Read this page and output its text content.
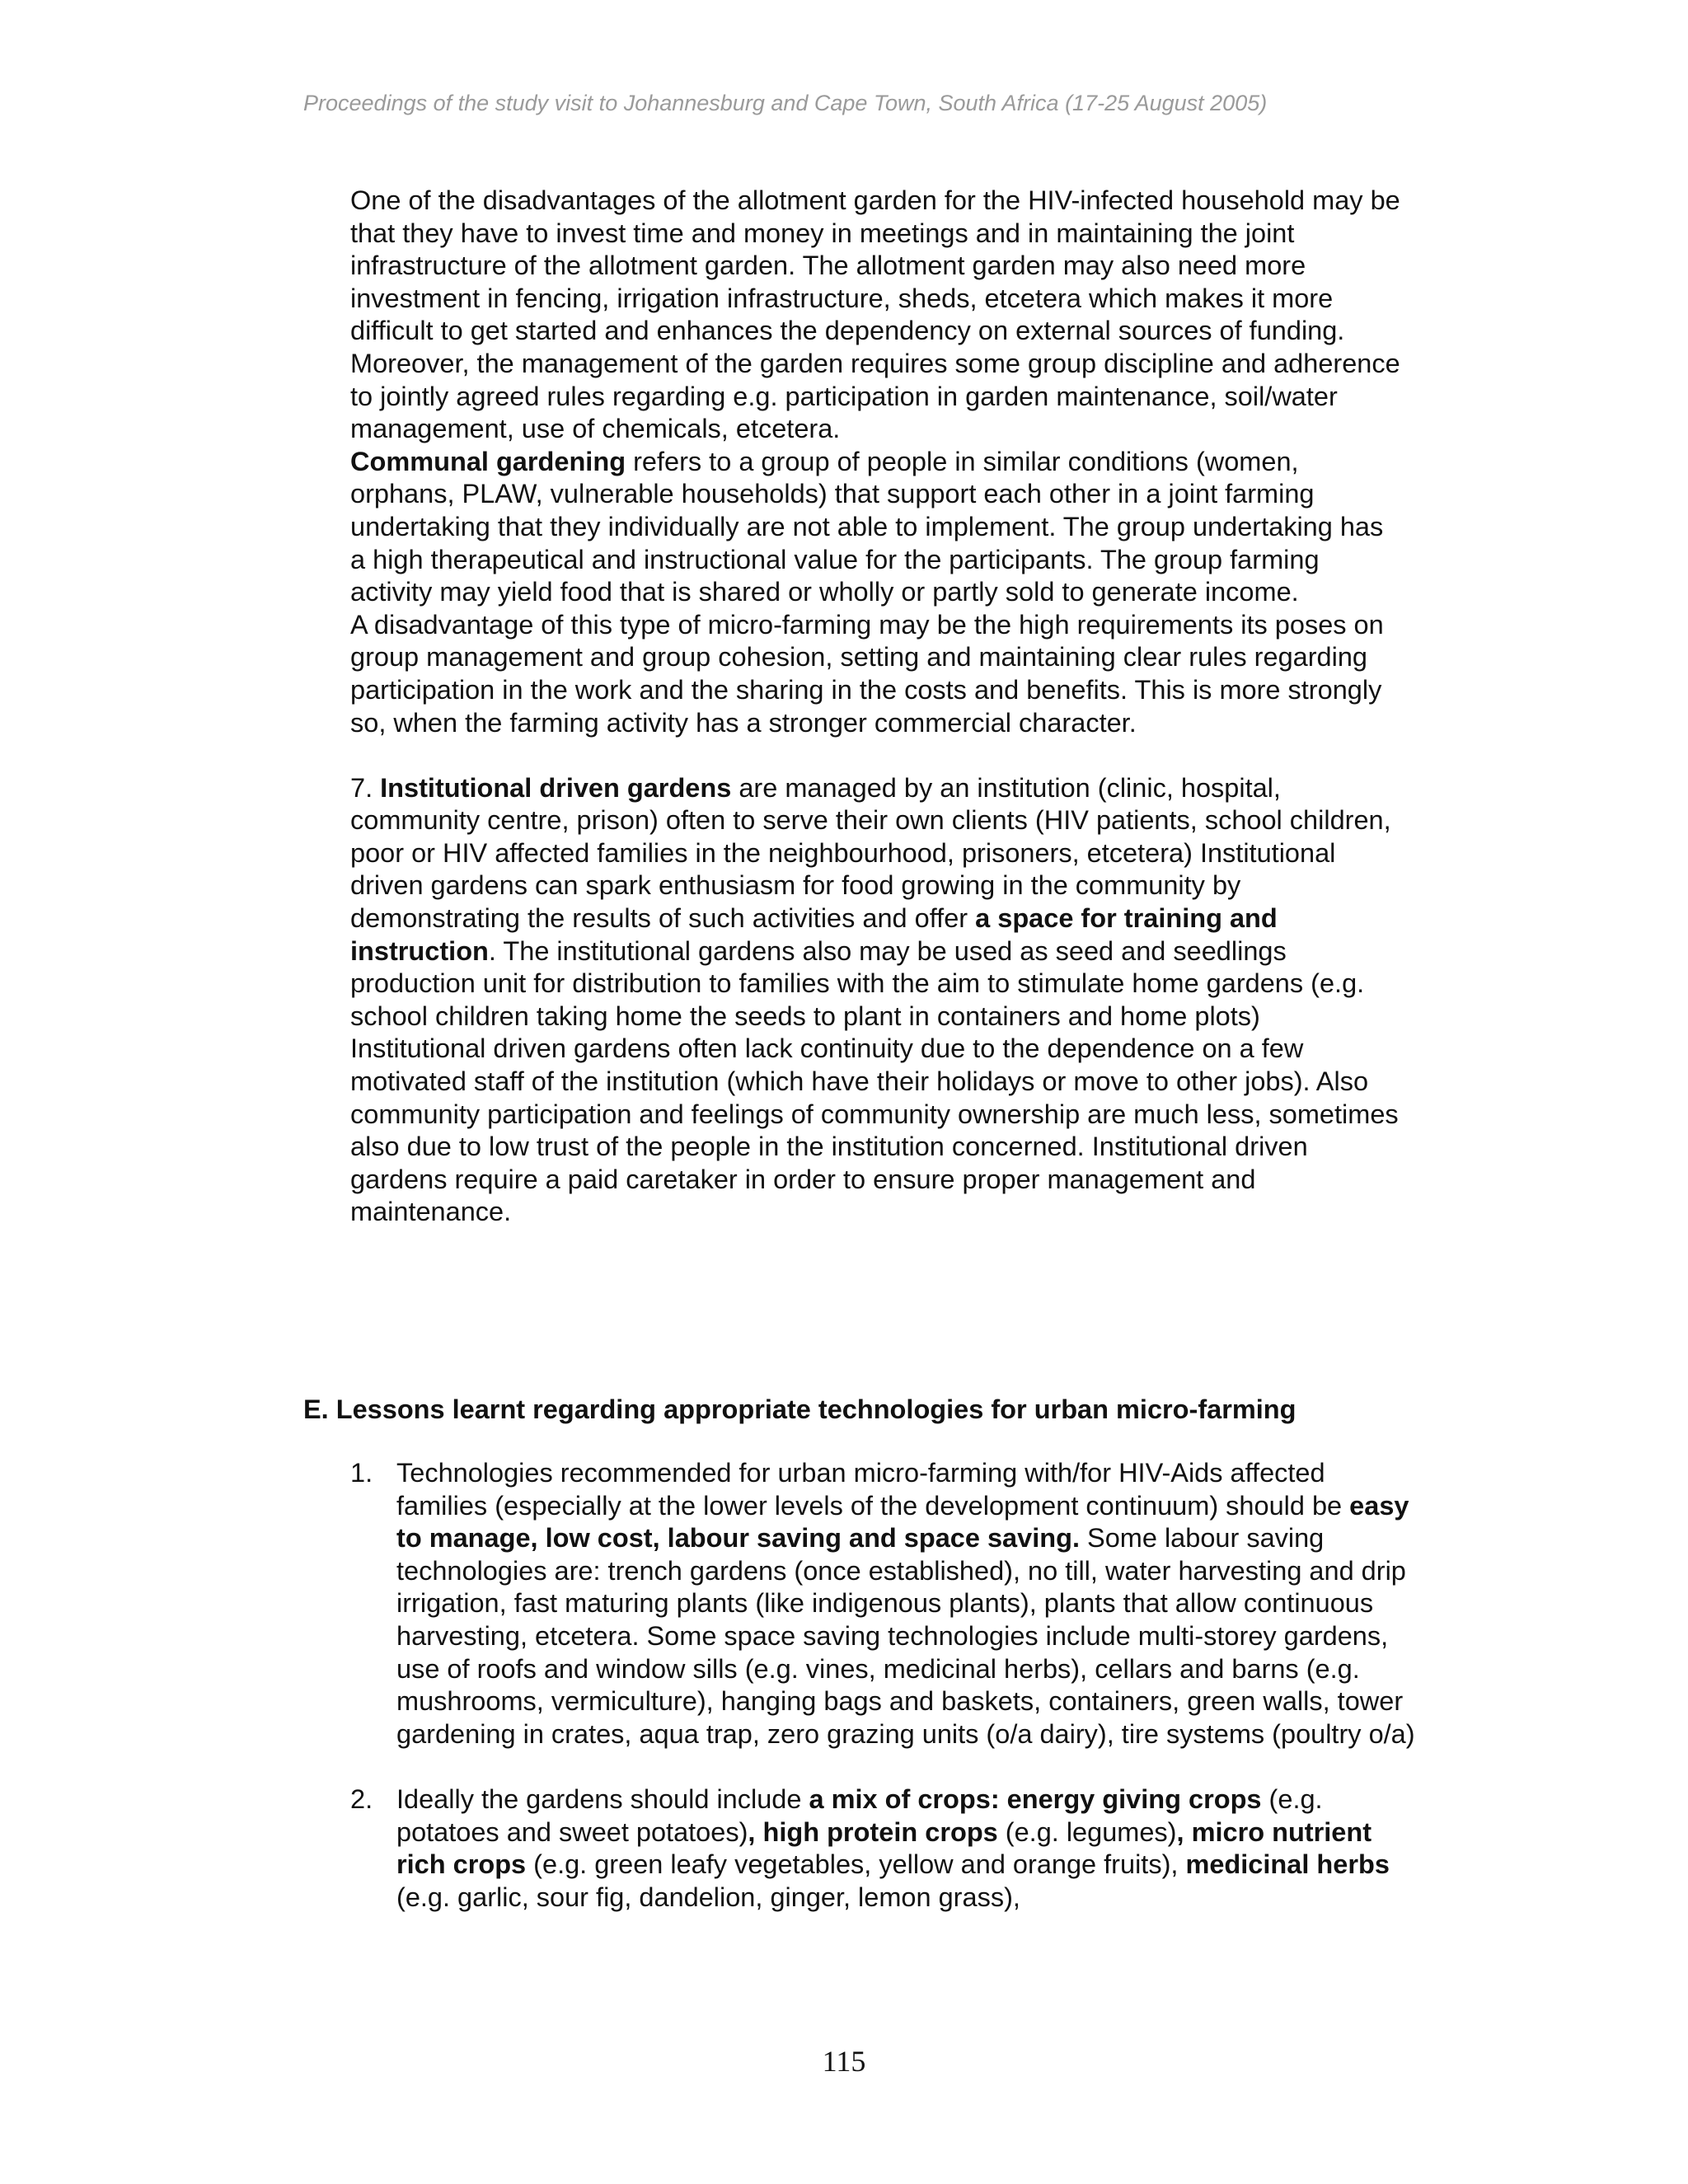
Proceedings of the study visit to Johannesburg and Cape Town, South Africa (17-25 August 2005)

One of the disadvantages of the allotment garden for the HIV-infected household may be that they have to invest time and money in meetings and in maintaining the joint infrastructure of the allotment garden. The allotment garden may also need more investment in fencing, irrigation infrastructure, sheds, etcetera which makes it more difficult to get started and enhances the dependency on external sources of funding.

Moreover, the management of the garden requires some group discipline and adherence to jointly agreed rules regarding e.g. participation in garden maintenance, soil/water management, use of chemicals, etcetera.

Communal gardening refers to a group of people in similar conditions (women, orphans, PLAW, vulnerable households) that support each other in a joint farming undertaking that they individually are not able to implement. The group undertaking has a high therapeutical and instructional value for the participants. The group farming activity may yield food that is shared or wholly or partly sold to generate income.

A disadvantage of this type of micro-farming may be the high requirements its poses on group management and group cohesion, setting and maintaining clear rules regarding participation in the work and the sharing in the costs and benefits. This is more strongly so, when the farming activity has a stronger commercial character.

7. Institutional driven gardens are managed by an institution (clinic, hospital, community centre, prison) often to serve their own clients (HIV patients, school children, poor or HIV affected families in the neighbourhood, prisoners, etcetera) Institutional driven gardens can spark enthusiasm for food growing in the community by demonstrating the results of such activities and offer a space for training and instruction. The institutional gardens also may be used as seed and seedlings production unit for distribution to families with the aim to stimulate home gardens (e.g. school children taking home the seeds to plant in containers and home plots)

Institutional driven gardens often lack continuity due to the dependence on a few motivated staff of the institution (which have their holidays or move to other jobs). Also community participation and feelings of community ownership are much less, sometimes also due to low trust of the people in the institution concerned. Institutional driven gardens require a paid caretaker in order to ensure proper management and maintenance.

E. Lessons learnt regarding appropriate technologies for urban micro-farming
1. Technologies recommended for urban micro-farming with/for HIV-Aids affected families (especially at the lower levels of the development continuum) should be easy to manage, low cost, labour saving and space saving. Some labour saving technologies are: trench gardens (once established), no till, water harvesting and drip irrigation, fast maturing plants (like indigenous plants), plants that allow continuous harvesting, etcetera. Some space saving technologies include multi-storey gardens, use of roofs and window sills (e.g. vines, medicinal herbs), cellars and barns (e.g. mushrooms, vermiculture), hanging bags and baskets, containers, green walls, tower gardening in crates, aqua trap, zero grazing units (o/a dairy), tire systems (poultry o/a)
2. Ideally the gardens should include a mix of crops: energy giving crops (e.g. potatoes and sweet potatoes), high protein crops (e.g. legumes), micro nutrient rich crops (e.g. green leafy vegetables, yellow and orange fruits), medicinal herbs (e.g. garlic, sour fig, dandelion, ginger, lemon grass),
115
